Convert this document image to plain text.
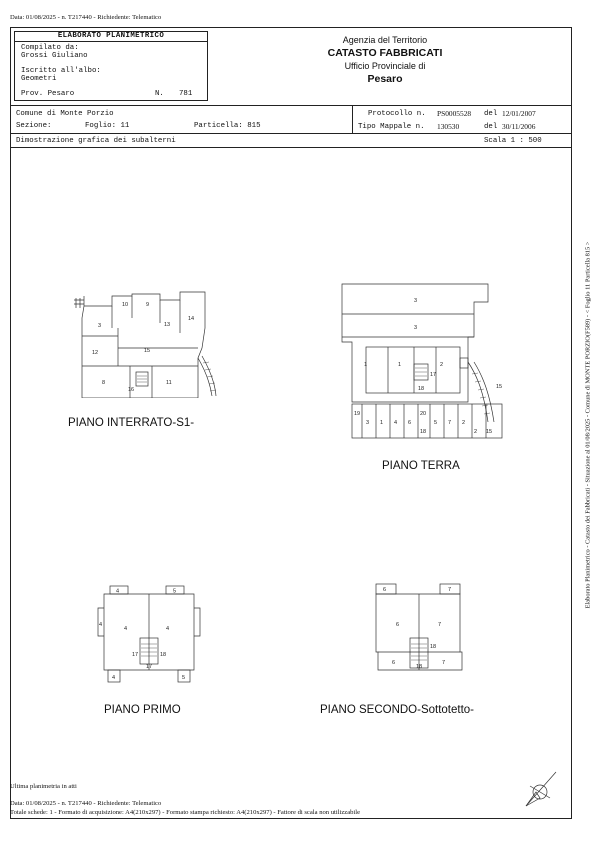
Data: 01/08/2025 - n. T217440 - Richiedente: Telematico
ELABORATO PLANIMETRICO
Compilato da:
Grossi Giuliano
Iscritto all'albo:
Geometri
Prov. Pesaro	N. 781
Agenzia del Territorio
CATASTO FABBRICATI
Ufficio Provinciale di
Pesaro
Comune di Monte Porzio
Sezione:	Foglio: 11	Particella: 815
Protocollo n. PS0005528 del 12/01/2007
Tipo Mappale n. 130530	del 30/11/2006
Dimostrazione grafica dei subalterni	Scala 1 : 500
10	9
3	13
14
12	15
8
16
11
PIANO INTERRATO-S1-
3
3
1	1	2
17
18	15
19
3 1 4 6
20
18
5 7 2
2 15
PIANO TERRA
4	5
4	4
4
17	18
17
4	5
PIANO PRIMO
6	7
6	7
18
6	7
18
PIANO SECONDO-Sottotetto-
Ultima planimetria in atti
Data: 01/08/2025 - n. T217440 - Richiedente: Telematico
Totale schede: 1 - Formato di acquisizione: A4(210x297) - Formato stampa richiesto: A4(210x297) - Fattore di scala non utilizzabile
Elaborato Planimetrico - Catasto dei Fabbricati - Situazione al 01/08/2025 - Comune di MONTE PORZIO(F589) - < Foglio 11 Particella 815 >
